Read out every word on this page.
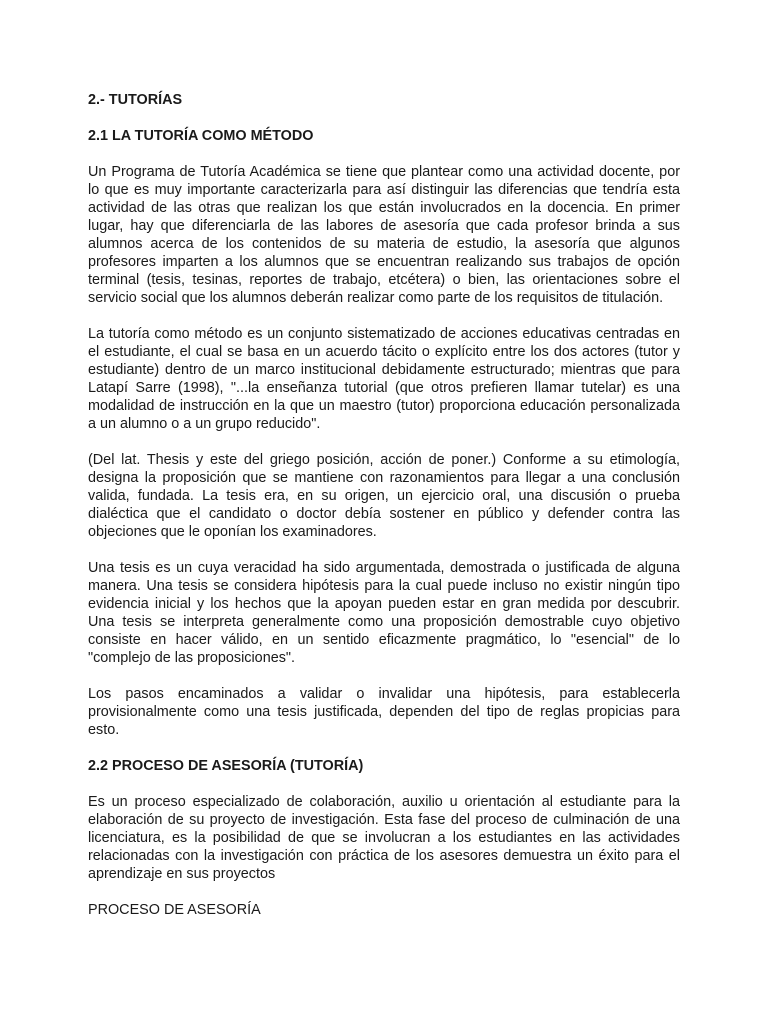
2.- TUTORÍAS
2.1 LA TUTORÍA COMO MÉTODO

Un Programa de Tutoría Académica se tiene que plantear como una actividad docente, por lo que es muy importante caracterizarla para así distinguir las diferencias que tendría esta actividad de las otras que realizan los que están involucrados en la docencia. En primer lugar, hay que diferenciarla de las labores de asesoría que cada profesor brinda a sus alumnos acerca de los contenidos de su materia de estudio, la asesoría que algunos profesores imparten a los alumnos que se encuentran realizando sus trabajos de opción terminal (tesis, tesinas, reportes de trabajo, etcétera) o bien, las orientaciones sobre el servicio social que los alumnos deberán realizar como parte de los requisitos de titulación.

La tutoría como método es un conjunto sistematizado de acciones educativas centradas en el estudiante, el cual se basa en un acuerdo tácito o explícito entre los dos actores (tutor y estudiante) dentro de un marco institucional debidamente estructurado; mientras que para Latapí Sarre (1998), "...la enseñanza tutorial (que otros prefieren llamar tutelar) es una modalidad de instrucción en la que un maestro (tutor) proporciona educación personalizada a un alumno o a un grupo reducido".

(Del lat. Thesis y este del griego posición, acción de poner.) Conforme a su etimología, designa la proposición que se mantiene con razonamientos para llegar a una conclusión valida, fundada. La tesis era, en su origen, un ejercicio oral, una discusión o prueba dialéctica que el candidato o doctor debía sostener en público y defender contra las objeciones que le oponían los examinadores.

Una tesis es un cuya veracidad ha sido argumentada, demostrada o justificada de alguna manera. Una tesis se considera hipótesis para la cual puede incluso no existir ningún tipo evidencia inicial y los hechos que la apoyan pueden estar en gran medida por descubrir. Una tesis se interpreta generalmente como una proposición demostrable cuyo objetivo consiste en hacer válido, en un sentido eficazmente pragmático, lo "esencial" de lo "complejo de las proposiciones".

Los pasos encaminados a validar o invalidar una hipótesis, para establecerla provisionalmente como una tesis justificada, dependen del tipo de reglas propicias para esto.

2.2 PROCESO DE ASESORÍA (TUTORÍA)

Es un proceso especializado de colaboración, auxilio u orientación al estudiante para la elaboración de su proyecto de investigación. Esta fase del proceso de culminación de una licenciatura, es la posibilidad de que se involucran a los estudiantes en las actividades relacionadas con la investigación con práctica de los asesores demuestra un éxito para el aprendizaje en sus proyectos

PROCESO DE ASESORÍA
